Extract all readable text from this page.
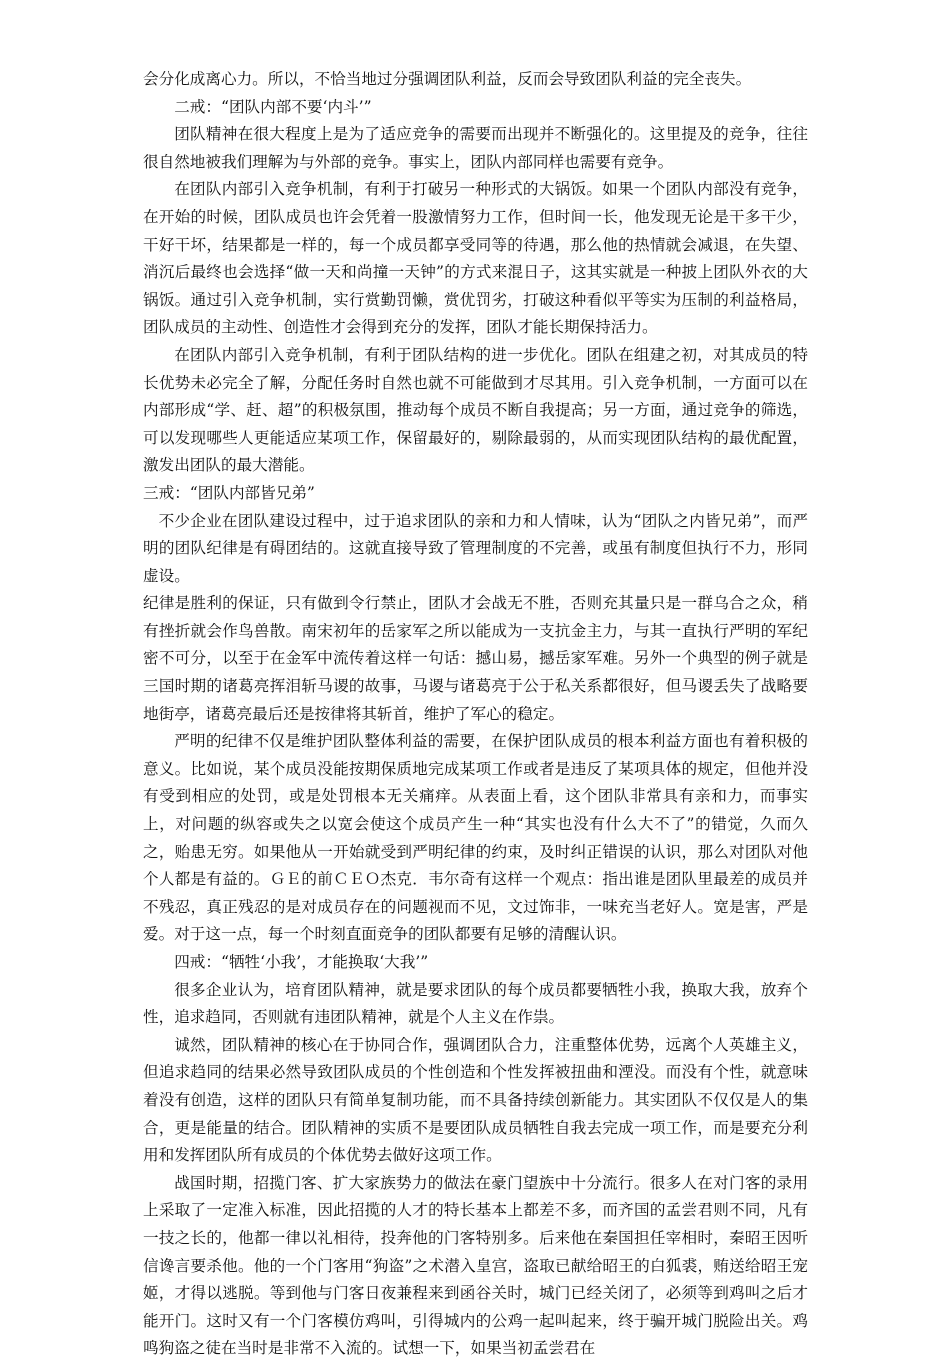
会分化成离心力。所以，不恰当地过分强调团队利益，反而会导致团队利益的完全丧失。

二戒：“团队内部不要‘内斗’”

团队精神在很大程度上是为了适应竞争的需要而出现并不断强化的。这里提及的竞争，往往很自然地被我们理解为与外部的竞争。事实上，团队内部同样也需要有竞争。

在团队内部引入竞争机制，有利于打破另一种形式的大锅饭。如果一个团队内部没有竞争，在开始的时候，团队成员也许会凭着一股激情努力工作，但时间一长，他发现无论是干多干少，干好干坏，结果都是一样的，每一个成员都享受同等的待遇，那么他的热情就会减退，在失望、消沉后最终也会选择“做一天和尚撞一天钟”的方式来混日子，这其实就是一种披上团队外衣的大锅饭。通过引入竞争机制，实行赏勤罚懒，赏优罚劣，打破这种看似平等实为压制的利益格局，团队成员的主动性、创造性才会得到充分的发挥，团队才能长期保持活力。

在团队内部引入竞争机制，有利于团队结构的进一步优化。团队在组建之初，对其成员的特长优势未必完全了解，分配任务时自然也就不可能做到才尽其用。引入竞争机制，一方面可以在内部形成“学、赶、超”的积极氛围，推动每个成员不断自我提高；另一方面，通过竞争的筛选，可以发现哪些人更能适应某项工作，保留最好的，剔除最弱的，从而实现团队结构的最优配置，激发出团队的最大潜能。

三戒：“团队内部皆兄弟”

不少企业在团队建设过程中，过于追求团队的亲和力和人情味，认为“团队之内皆兄弟”，而严明的团队纪律是有碍团结的。这就直接导致了管理制度的不完善，或虽有制度但执行不力，形同虚设。

纪律是胜利的保证，只有做到令行禁止，团队才会战无不胜，否则充其量只是一群乌合之众，稍有挫折就会作鸟兽散。南宋初年的岳家军之所以能成为一支抗金主力，与其一直执行严明的军纪密不可分，以至于在金军中流传着这样一句话：撼山易，撼岳家军难。另外一个典型的例子就是三国时期的诸葛亮挥泪斩马谡的故事，马谡与诸葛亮于公于私关系都很好，但马谡丢失了战略要地街亭，诸葛亮最后还是按律将其斩首，维护了军心的稳定。

严明的纪律不仅是维护团队整体利益的需要，在保护团队成员的根本利益方面也有着积极的意义。比如说，某个成员没能按期保质地完成某项工作或者是违反了某项具体的规定，但他并没有受到相应的处罚，或是处罚根本无关痛痒。从表面上看，这个团队非常具有亲和力，而事实上，对问题的纵容或失之以宽会使这个成员产生一种“其实也没有什么大不了”的错觉，久而久之，贻患无穷。如果他从一开始就受到严明纪律的约束，及时纠正错误的认识，那么对团队对他个人都是有益的。ＧＥ的前ＣＥＯ杰克．韦尔奇有这样一个观点：指出谁是团队里最差的成员并不残忍，真正残忍的是对成员存在的问题视而不见，文过饰非，一味充当老好人。宽是害，严是爱。对于这一点，每一个时刻直面竞争的团队都要有足够的清醒认识。

四戒：“牺牲‘小我’，才能换取‘大我’”

很多企业认为，培育团队精神，就是要求团队的每个成员都要牺牲小我，换取大我，放弃个性，追求趋同，否则就有违团队精神，就是个人主义在作祟。

诚然，团队精神的核心在于协同合作，强调团队合力，注重整体优势，远离个人英雄主义，但追求趋同的结果必然导致团队成员的个性创造和个性发挥被扭曲和湮没。而没有个性，就意味着没有创造，这样的团队只有简单复制功能，而不具备持续创新能力。其实团队不仅仅是人的集合，更是能量的结合。团队精神的实质不是要团队成员牺牲自我去完成一项工作，而是要充分利用和发挥团队所有成员的个体优势去做好这项工作。

战国时期，招揽门客、扩大家族势力的做法在豪门望族中十分流行。很多人在对门客的录用上采取了一定准入标准，因此招揽的人才的特长基本上都差不多，而齐国的孟尝君则不同，凡有一技之长的，他都一律以礼相待，投奔他的门客特别多。后来他在秦国担任宰相时，秦昭王因听信谗言要杀他。他的一个门客用“狗盗”之术潜入皇宫，盗取已献给昭王的白狐裘，贿送给昭王宠姬，才得以逃脱。等到他与门客日夜兼程来到函谷关时，城门已经关闭了，必须等到鸡叫之后才能开门。这时又有一个门客模仿鸡叫，引得城内的公鸡一起叫起来，终于骗开城门脱险出关。鸡鸣狗盗之徒在当时是非常不入流的。试想一下，如果当初孟尝君在
